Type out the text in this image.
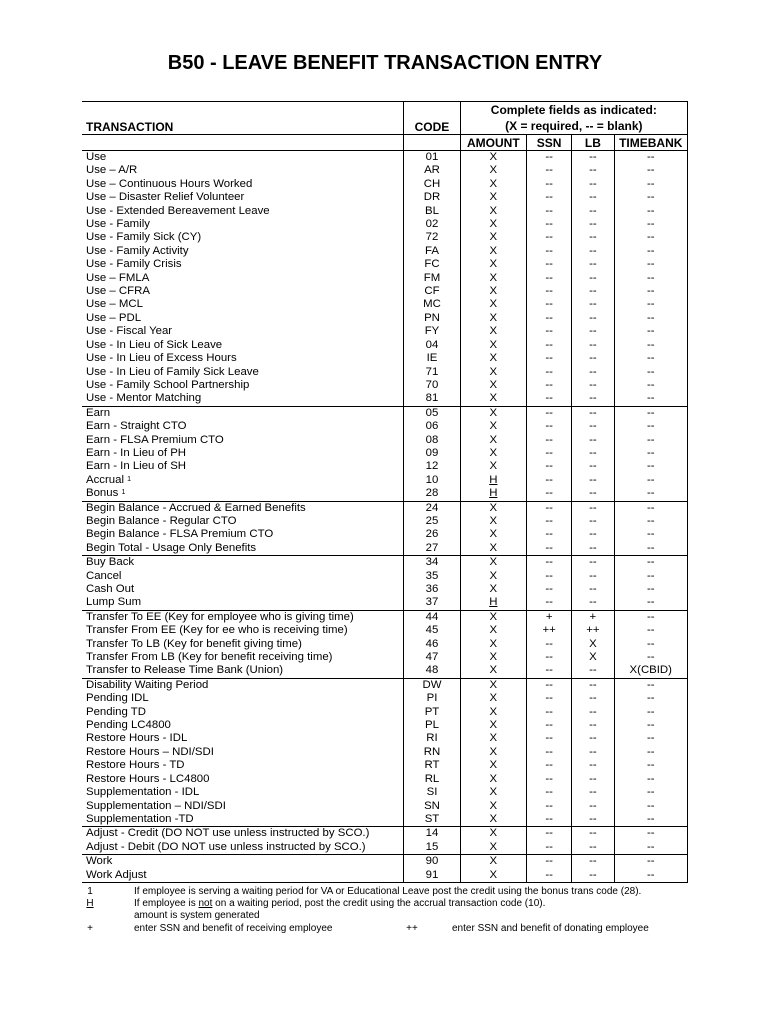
B50 - LEAVE BENEFIT TRANSACTION ENTRY
TRANSACTION	CODE	Complete fields as indicated:			
		(X = required, -- = blank)			
		AMOUNT	SSN	LB	TIMEBANK
Use	01	X	--	--	--
Use – A/R	AR	X	--	--	--
Use – Continuous Hours Worked	CH	X	--	--	--
Use – Disaster Relief Volunteer	DR	X	--	--	--
Use - Extended Bereavement Leave	BL	X	--	--	--
Use - Family	02	X	--	--	--
Use - Family Sick (CY)	72	X	--	--	--
Use - Family Activity	FA	X	--	--	--
Use - Family Crisis	FC	X	--	--	--
Use – FMLA	FM	X	--	--	--
Use – CFRA	CF	X	--	--	--
Use – MCL	MC	X	--	--	--
Use – PDL	PN	X	--	--	--
Use - Fiscal Year	FY	X	--	--	--
Use - In Lieu of Sick Leave	04	X	--	--	--
Use - In Lieu of Excess Hours	IE	X	--	--	--
Use - In Lieu of Family Sick Leave	71	X	--	--	--
Use - Family School Partnership	70	X	--	--	--
Use - Mentor Matching	81	X	--	--	--
Earn	05	X	--	--	--
Earn - Straight CTO	06	X	--	--	--
Earn - FLSA Premium CTO	08	X	--	--	--
Earn - In Lieu of PH	09	X	--	--	--
Earn - In Lieu of SH	12	X	--	--	--
Accrual $^1$	10	H	--	--	--
Bonus $^1$	28	H	--	--	--
Begin Balance - Accrued & Earned Benefits	24	X	--	--	--
Begin Balance - Regular CTO	25	X	--	--	--
Begin Balance - FLSA Premium CTO	26	X	--	--	--
Begin Total - Usage Only Benefits	27	X	--	--	--
Buy Back	34	X	--	--	--
Cancel	35	X	--	--	--
Cash Out	36	X	--	--	--
Lump Sum	37	H	--	--	--
Transfer To EE (Key for employee who is giving time)	44	X	+	+	--
Transfer From EE (Key for ee who is receiving time)	45	X	++	++	--
Transfer To LB (Key for benefit giving time)	46	X	--	X	--
Transfer From LB (Key for benefit receiving time)	47	X	--	X	--
Transfer to Release Time Bank (Union)	48	X	--	--	X(CBID)
Disability Waiting Period	DW	X	--	--	--
Pending IDL	PI	X	--	--	--
Pending TD	PT	X	--	--	--
Pending LC4800	PL	X	--	--	--
Restore Hours - IDL	RI	X	--	--	--
Restore Hours – NDI/SDI	RN	X	--	--	--
Restore Hours - TD	RT	X	--	--	--
Restore Hours - LC4800	RL	X	--	--	--
Supplementation - IDL	SI	X	--	--	--
Supplementation – NDI/SDI	SN	X	--	--	--
Supplementation -TD	ST	X	--	--	--
Adjust - Credit (DO NOT use unless instructed by SCO.)	14	X	--	--	--
Adjust - Debit (DO NOT use unless instructed by SCO.)	15	X	--	--	--
Work	90	X	--	--	--
Work Adjust	91	X	--	--	--
1	If employee is serving a waiting period for VA or Educational Leave post the credit using the bonus trans code (28).
H	If employee is not on a waiting period, post the credit using the accrual transaction code (10).
amount is system generated
+	enter SSN and benefit of receiving employee	++	enter SSN and benefit of donating employee
